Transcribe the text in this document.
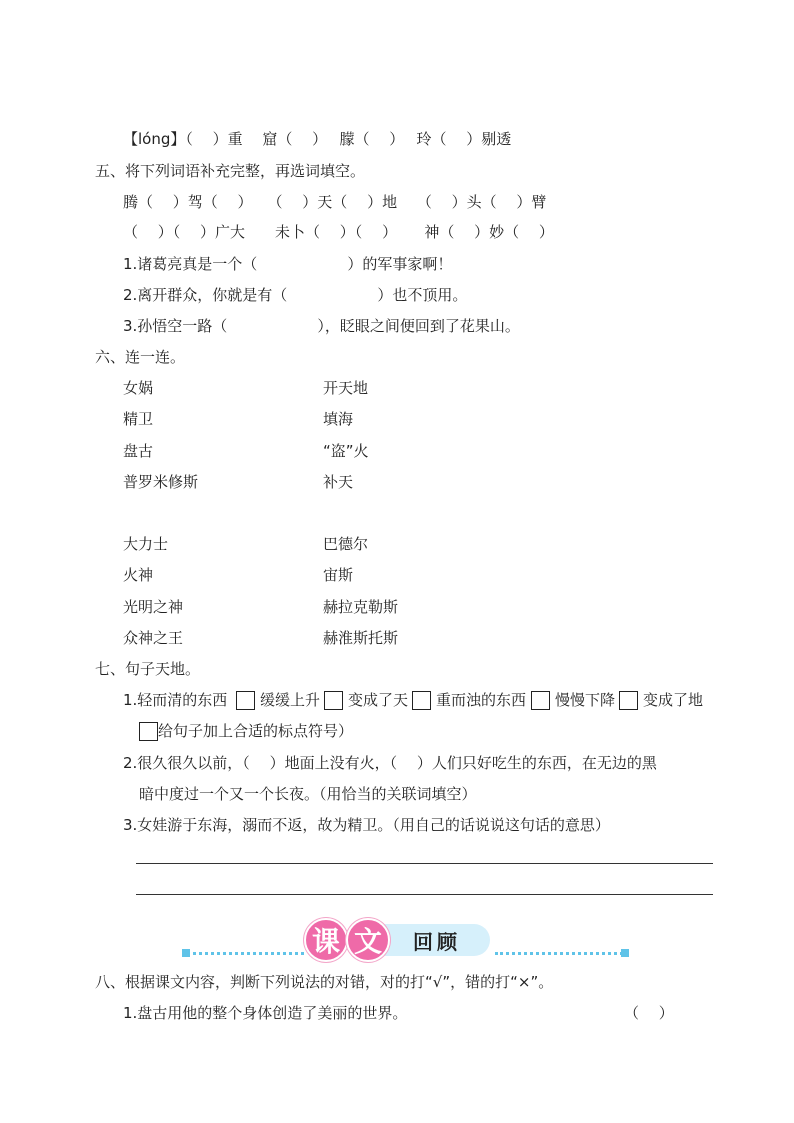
【lóng】（　 ）重　 窟（　 ）　 朦（　 ）　 玲（　 ）剔透
五、将下列词语补充完整，再选词填空。
腾（　 ）驾（　 ）　　（　 ）天（　 ）地　 （　 ）头（　 ）臂
（　 ）（　 ）广大　　未卜（　 ）（　 ）　　 神（　 ）妙（　 ）
1.诸葛亮真是一个（　　　　　　）的军事家啊！
2.离开群众，你就是有（　　　　　　）也不顶用。
3.孙悟空一路（　　　　　　），眨眼之间便回到了花果山。
六、连一连。
女娲
精卫
盘古
普罗米修斯
开天地
填海
“盗”火
补天
大力士
火神
光明之神
众神之王
巴德尔
宙斯
赫拉克勒斯
赫淮斯托斯
七、句子天地。
1.轻而清的东西 缓缓上升 变成了天 重而浊的东西 慢慢下降 变成了地
给句子加上合适的标点符号）
2.很久很久以前，（　 ）地面上没有火，（　 ）人们只好吃生的东西，在无边的黑
暗中度过一个又一个长夜。（用恰当的关联词填空）
3.女娃游于东海，溺而不返，故为精卫。（用自己的话说说这句话的意思）
回顾
课 文
八、根据课文内容，判断下列说法的对错，对的打“√”，错的打“×”。
1.盘古用他的整个身体创造了美丽的世界。	（　 ）
